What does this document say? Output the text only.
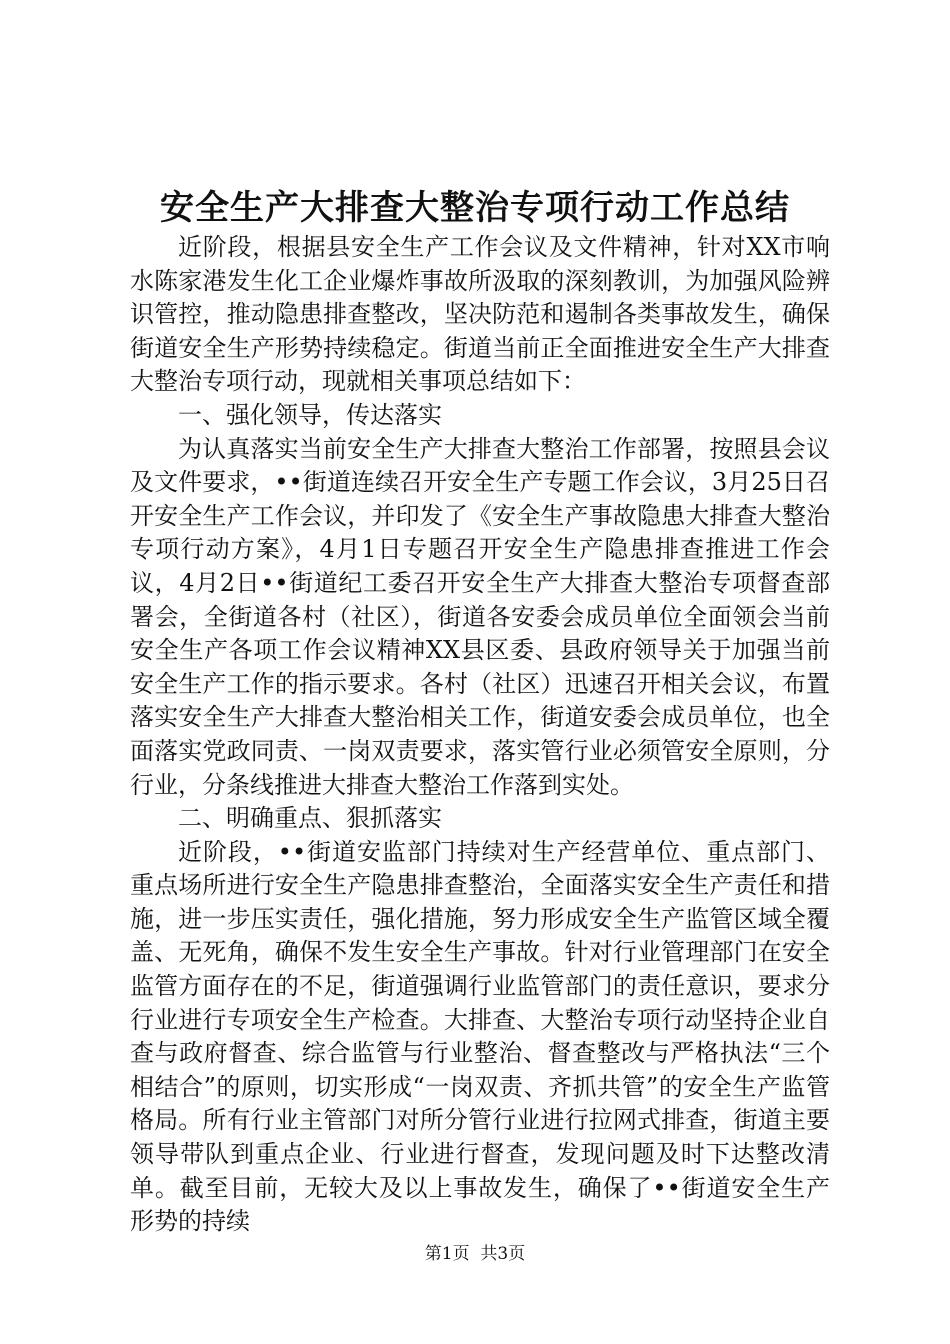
安全生产大排查大整治专项行动工作总结

近阶段，根据县安全生产工作会议及文件精神，针对XX市响水陈家港发生化工企业爆炸事故所汲取的深刻教训，为加强风险辨识管控，推动隐患排查整改，坚决防范和遏制各类事故发生，确保街道安全生产形势持续稳定。街道当前正全面推进安全生产大排查大整治专项行动，现就相关事项总结如下：

一、强化领导，传达落实

为认真落实当前安全生产大排查大整治工作部署，按照县会议及文件要求，••街道连续召开安全生产专题工作会议，3月25日召开安全生产工作会议，并印发了《安全生产事故隐患大排查大整治专项行动方案》，4月1日专题召开安全生产隐患排查推进工作会议，4月2日••街道纪工委召开安全生产大排查大整治专项督查部署会，全街道各村（社区），街道各安委会成员单位全面领会当前安全生产各项工作会议精神XX县区委、县政府领导关于加强当前安全生产工作的指示要求。各村（社区）迅速召开相关会议，布置落实安全生产大排查大整治相关工作，街道安委会成员单位，也全面落实党政同责、一岗双责要求，落实管行业必须管安全原则，分行业，分条线推进大排查大整治工作落到实处。

二、明确重点、狠抓落实

近阶段，••街道安监部门持续对生产经营单位、重点部门、重点场所进行安全生产隐患排查整治，全面落实安全生产责任和措施，进一步压实责任，强化措施，努力形成安全生产监管区域全覆盖、无死角，确保不发生安全生产事故。针对行业管理部门在安全监管方面存在的不足，街道强调行业监管部门的责任意识，要求分行业进行专项安全生产检查。大排查、大整治专项行动坚持企业自查与政府督查、综合监管与行业整治、督查整改与严格执法“三个相结合”的原则，切实形成“一岗双责、齐抓共管”的安全生产监管格局。所有行业主管部门对所分管行业进行拉网式排查，街道主要领导带队到重点企业、行业进行督查，发现问题及时下达整改清单。截至目前，无较大及以上事故发生，确保了••街道安全生产形势的持续

第1页 共3页
